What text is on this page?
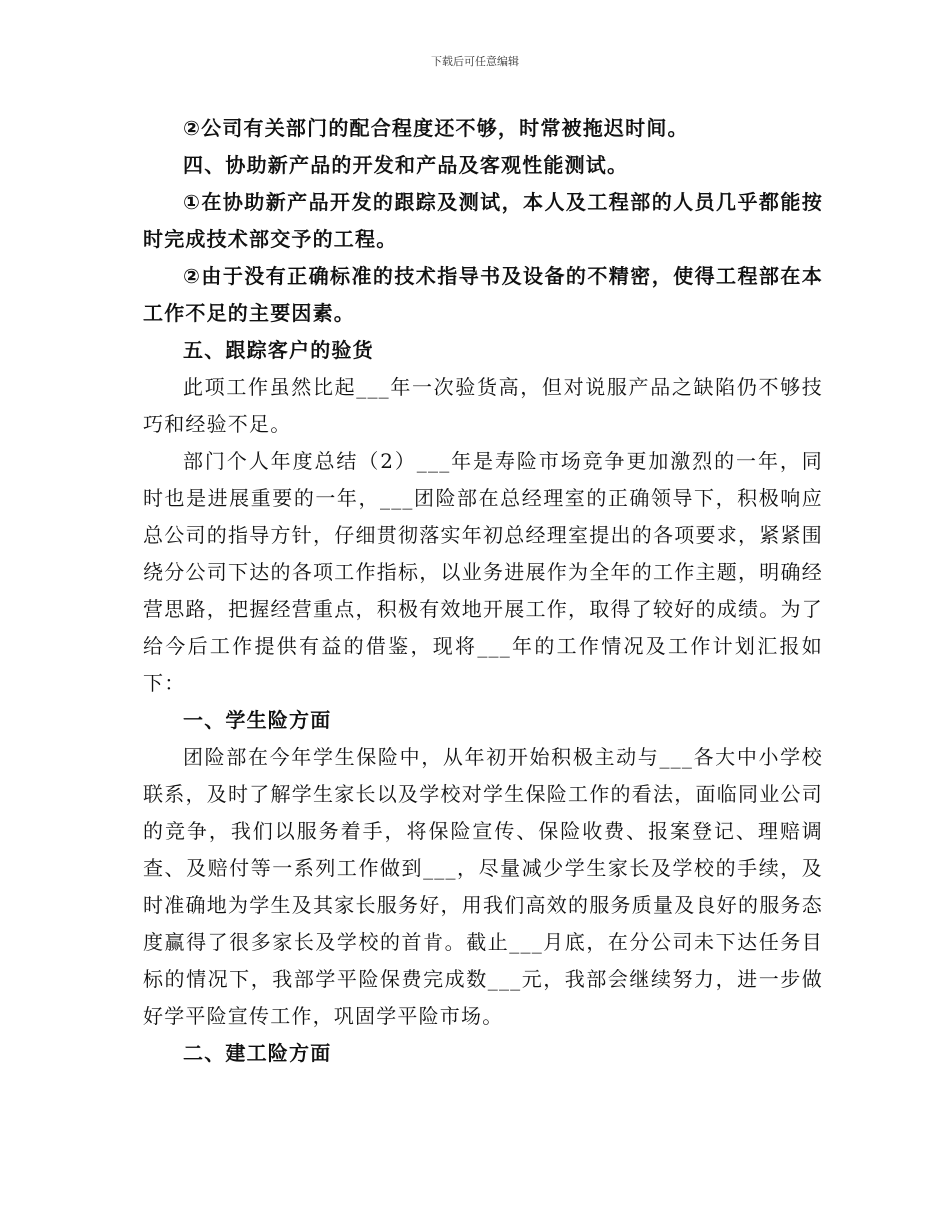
下载后可任意编辑

②公司有关部门的配合程度还不够，时常被拖迟时间。

四、协助新产品的开发和产品及客观性能测试。

①在协助新产品开发的跟踪及测试，本人及工程部的人员几乎都能按时完成技术部交予的工程。

②由于没有正确标准的技术指导书及设备的不精密，使得工程部在本工作不足的主要因素。

五、跟踪客户的验货

此项工作虽然比起___年一次验货高，但对说服产品之缺陷仍不够技巧和经验不足。

部门个人年度总结（2）___年是寿险市场竞争更加激烈的一年，同时也是进展重要的一年，___团险部在总经理室的正确领导下，积极响应总公司的指导方针，仔细贯彻落实年初总经理室提出的各项要求，紧紧围绕分公司下达的各项工作指标，以业务进展作为全年的工作主题，明确经营思路，把握经营重点，积极有效地开展工作，取得了较好的成绩。为了给今后工作提供有益的借鉴，现将___年的工作情况及工作计划汇报如下：

一、学生险方面

团险部在今年学生保险中，从年初开始积极主动与___各大中小学校联系，及时了解学生家长以及学校对学生保险工作的看法，面临同业公司的竞争，我们以服务着手，将保险宣传、保险收费、报案登记、理赔调查、及赔付等一系列工作做到___，尽量减少学生家长及学校的手续，及时准确地为学生及其家长服务好，用我们高效的服务质量及良好的服务态度赢得了很多家长及学校的首肯。截止___月底，在分公司未下达任务目标的情况下，我部学平险保费完成数___元，我部会继续努力，进一步做好学平险宣传工作，巩固学平险市场。

二、建工险方面
